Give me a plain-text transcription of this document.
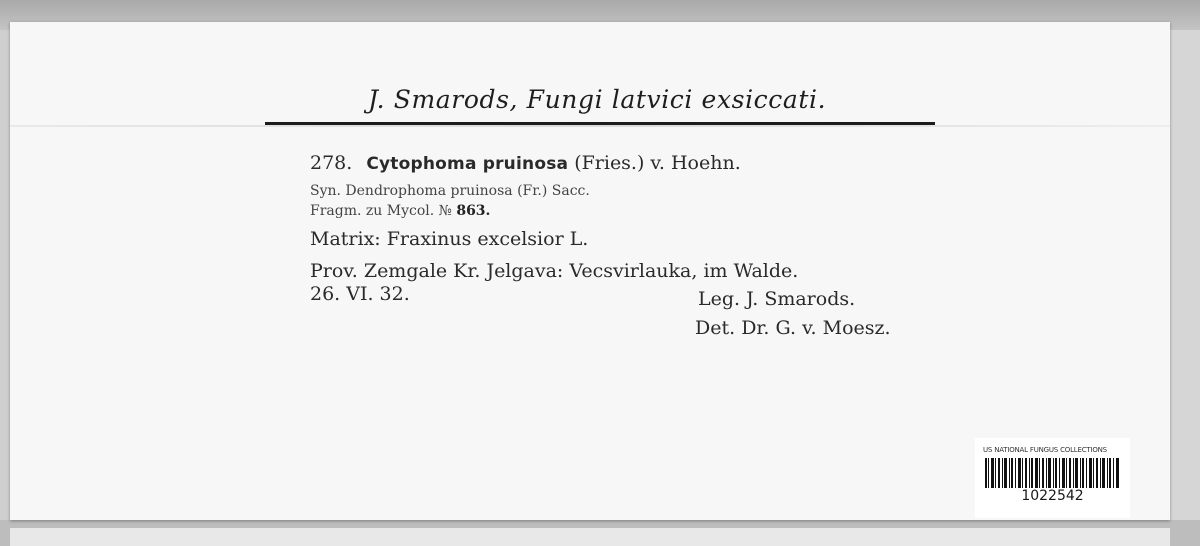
J. Smarods, Fungi latvici exsiccati.
278. Cytophoma pruinosa (Fries.) v. Hoehn.
Syn. Dendrophoma pruinosa (Fr.) Sacc.
Fragm. zu Mycol. № 863.
Matrix: Fraxinus excelsior L.
Prov. Zemgale Kr. Jelgava: Vecsvirlauka, im Walde.
26. VI. 32.	Leg. J. Smarods.
Det. Dr. G. v. Moesz.
US NATIONAL FUNGUS COLLECTIONS
1022542
